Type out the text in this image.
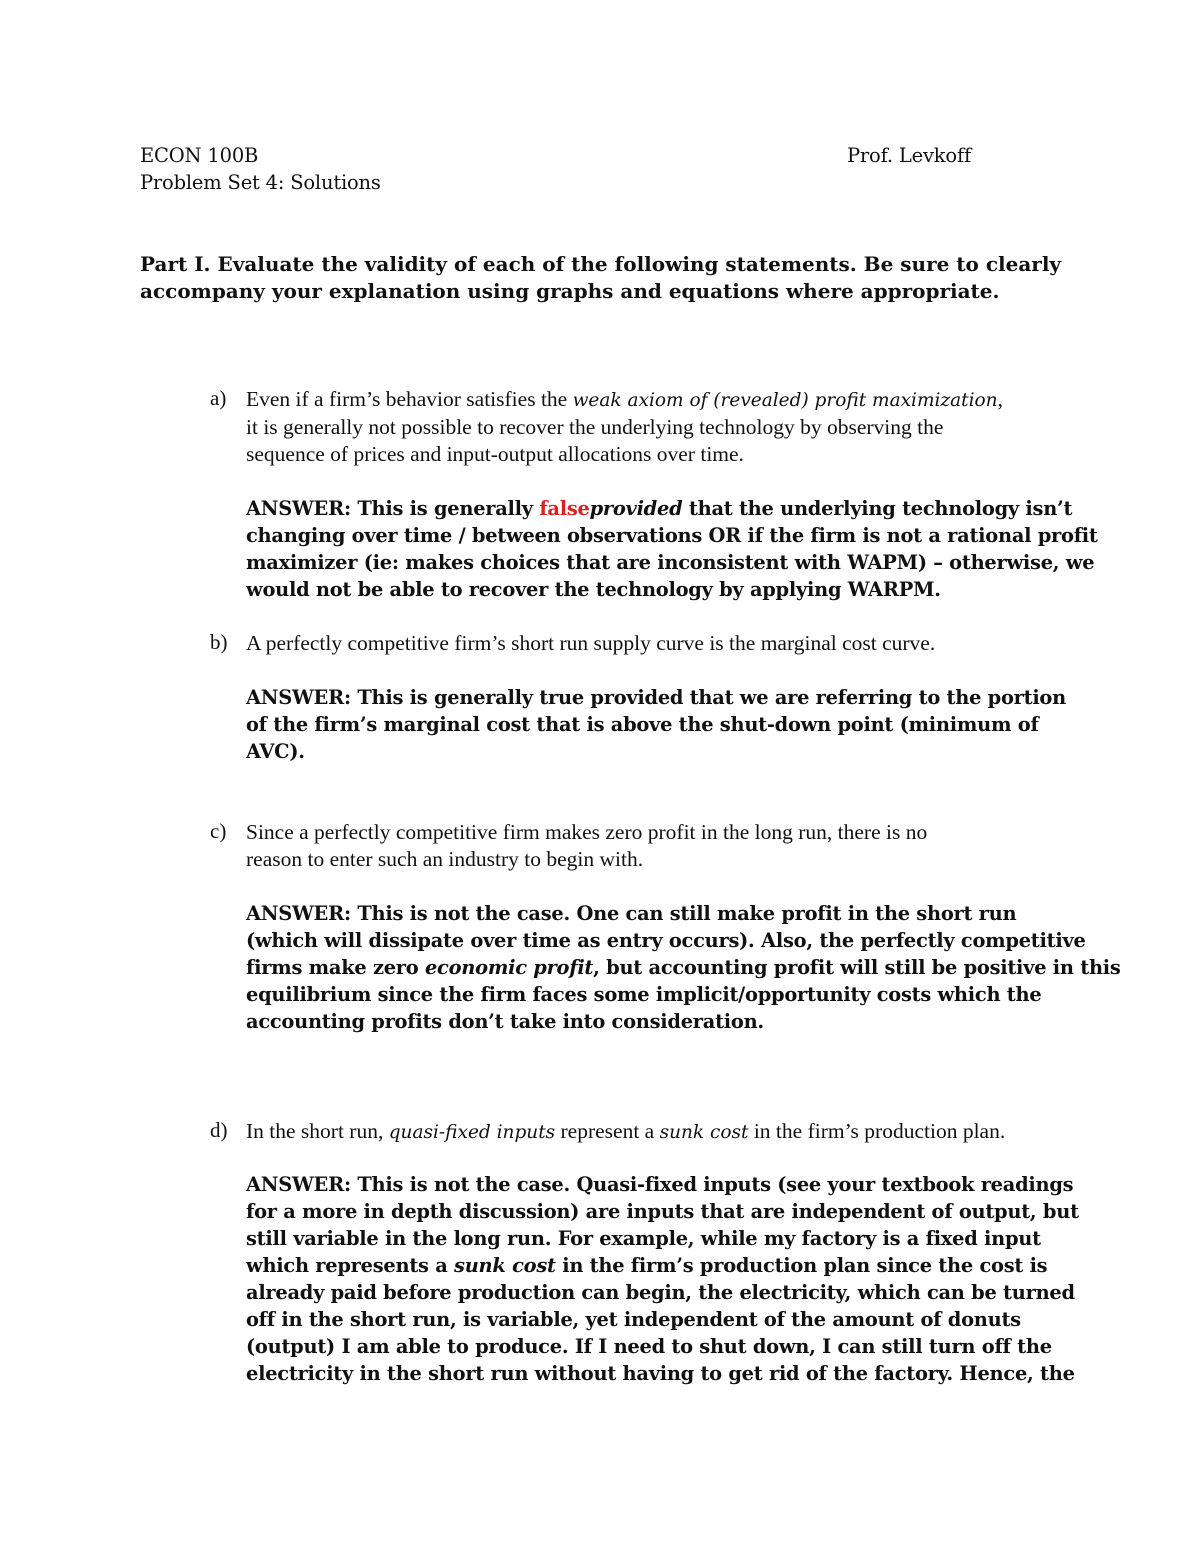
ECON 100B	Prof. Levkoff
Problem Set 4: Solutions
Part I. Evaluate the validity of each of the following statements. Be sure to clearly
accompany your explanation using graphs and equations where appropriate.
a) Even if a firm’s behavior satisfies the weak axiom of (revealed) profit maximization,
it is generally not possible to recover the underlying technology by observing the
sequence of prices and input-output allocations over time.
ANSWER: This is generally falseprovided that the underlying technology isn’t
changing over time / between observations OR if the firm is not a rational profit
maximizer (ie: makes choices that are inconsistent with WAPM) – otherwise, we
would not be able to recover the technology by applying WARPM.
b) A perfectly competitive firm’s short run supply curve is the marginal cost curve.
ANSWER: This is generally true provided that we are referring to the portion
of the firm’s marginal cost that is above the shut-down point (minimum of
AVC).
c) Since a perfectly competitive firm makes zero profit in the long run, there is no
reason to enter such an industry to begin with.
ANSWER: This is not the case. One can still make profit in the short run
(which will dissipate over time as entry occurs). Also, the perfectly competitive
firms make zero economic profit, but accounting profit will still be positive in this
equilibrium since the firm faces some implicit/opportunity costs which the
accounting profits don’t take into consideration.
d) In the short run, quasi-fixed inputs represent a sunk cost in the firm’s production plan.
ANSWER: This is not the case. Quasi-fixed inputs (see your textbook readings
for a more in depth discussion) are inputs that are independent of output, but
still variable in the long run. For example, while my factory is a fixed input
which represents a sunk cost in the firm’s production plan since the cost is
already paid before production can begin, the electricity, which can be turned
off in the short run, is variable, yet independent of the amount of donuts
(output) I am able to produce. If I need to shut down, I can still turn off the
electricity in the short run without having to get rid of the factory. Hence, the
